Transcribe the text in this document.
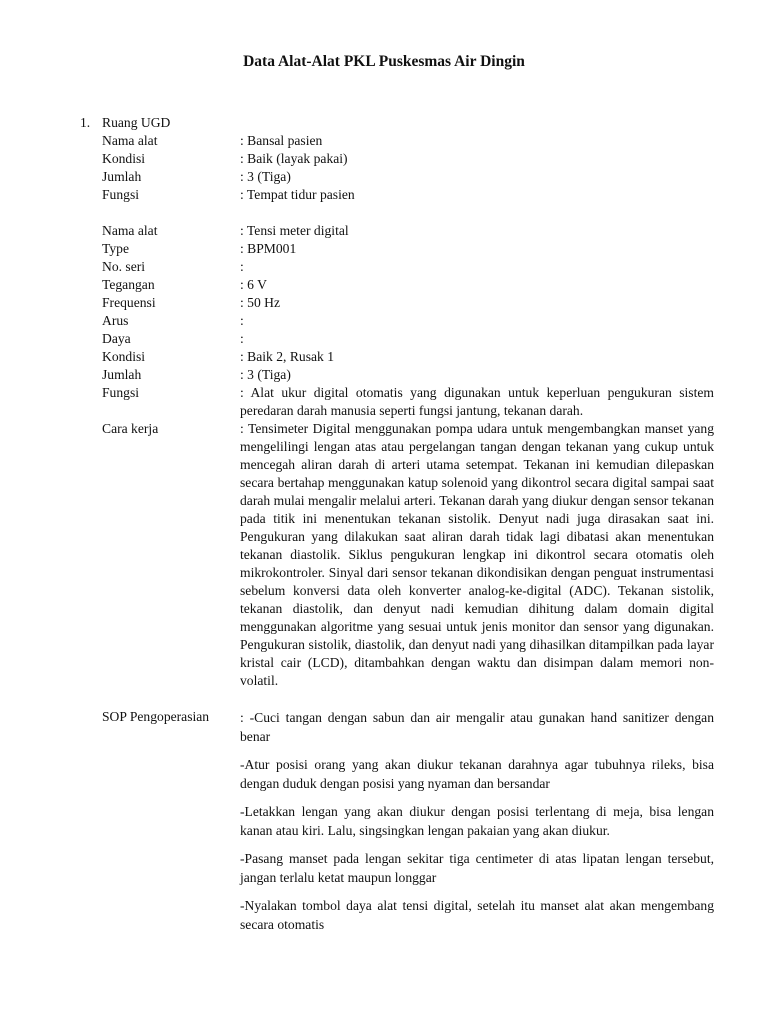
Data Alat-Alat PKL Puskesmas Air Dingin
1. Ruang UGD
Nama alat	: Bansal pasien
Kondisi	: Baik (layak pakai)
Jumlah	: 3 (Tiga)
Fungsi	: Tempat tidur pasien
Nama alat	: Tensi meter digital
Type	: BPM001
No. seri	:
Tegangan	: 6 V
Frequensi	: 50 Hz
Arus	:
Daya	:
Kondisi	: Baik 2, Rusak 1
Jumlah	: 3 (Tiga)
Fungsi	: Alat ukur digital otomatis yang digunakan untuk keperluan pengukuran sistem peredaran darah manusia seperti fungsi jantung, tekanan darah.
Cara kerja	: Tensimeter Digital menggunakan pompa udara untuk mengembangkan manset yang mengelilingi lengan atas atau pergelangan tangan dengan tekanan yang cukup untuk mencegah aliran darah di arteri utama setempat. Tekanan ini kemudian dilepaskan secara bertahap menggunakan katup solenoid yang dikontrol secara digital sampai saat darah mulai mengalir melalui arteri. Tekanan darah yang diukur dengan sensor tekanan pada titik ini menentukan tekanan sistolik. Denyut nadi juga dirasakan saat ini. Pengukuran yang dilakukan saat aliran darah tidak lagi dibatasi akan menentukan tekanan diastolik. Siklus pengukuran lengkap ini dikontrol secara otomatis oleh mikrokontroler. Sinyal dari sensor tekanan dikondisikan dengan penguat instrumentasi sebelum konversi data oleh konverter analog-ke-digital (ADC). Tekanan sistolik, tekanan diastolik, dan denyut nadi kemudian dihitung dalam domain digital menggunakan algoritme yang sesuai untuk jenis monitor dan sensor yang digunakan. Pengukuran sistolik, diastolik, dan denyut nadi yang dihasilkan ditampilkan pada layar kristal cair (LCD), ditambahkan dengan waktu dan disimpan dalam memori non-volatil.
SOP Pengoperasian	: -Cuci tangan dengan sabun dan air mengalir atau gunakan hand sanitizer dengan benar

-Atur posisi orang yang akan diukur tekanan darahnya agar tubuhnya rileks, bisa dengan duduk dengan posisi yang nyaman dan bersandar

-Letakkan lengan yang akan diukur dengan posisi terlentang di meja, bisa lengan kanan atau kiri. Lalu, singsingkan lengan pakaian yang akan diukur.

-Pasang manset pada lengan sekitar tiga centimeter di atas lipatan lengan tersebut, jangan terlalu ketat maupun longgar

-Nyalakan tombol daya alat tensi digital, setelah itu manset alat akan mengembang secara otomatis
